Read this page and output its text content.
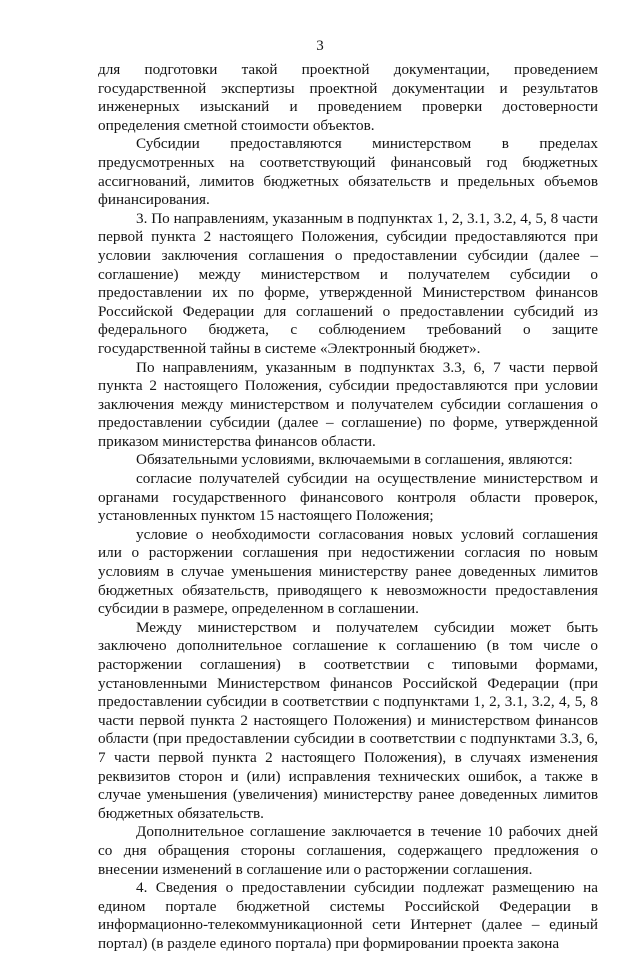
3

для подготовки такой проектной документации, проведением государственной экспертизы проектной документации и результатов инженерных изысканий и проведением проверки достоверности определения сметной стоимости объектов.

Субсидии предоставляются министерством в пределах предусмотренных на соответствующий финансовый год бюджетных ассигнований, лимитов бюджетных обязательств и предельных объемов финансирования.

3. По направлениям, указанным в подпунктах 1, 2, 3.1, 3.2, 4, 5, 8 части первой пункта 2 настоящего Положения, субсидии предоставляются при условии заключения соглашения о предоставлении субсидии (далее – соглашение) между министерством и получателем субсидии о предоставлении их по форме, утвержденной Министерством финансов Российской Федерации для соглашений о предоставлении субсидий из федерального бюджета, с соблюдением требований о защите государственной тайны в системе «Электронный бюджет».

По направлениям, указанным в подпунктах 3.3, 6, 7 части первой пункта 2 настоящего Положения, субсидии предоставляются при условии заключения между министерством и получателем субсидии соглашения о предоставлении субсидии (далее – соглашение) по форме, утвержденной приказом министерства финансов области.

Обязательными условиями, включаемыми в соглашения, являются:

согласие получателей субсидии на осуществление министерством и органами государственного финансового контроля области проверок, установленных пунктом 15 настоящего Положения;

условие о необходимости согласования новых условий соглашения или о расторжении соглашения при недостижении согласия по новым условиям в случае уменьшения министерству ранее доведенных лимитов бюджетных обязательств, приводящего к невозможности предоставления субсидии в размере, определенном в соглашении.

Между министерством и получателем субсидии может быть заключено дополнительное соглашение к соглашению (в том числе о расторжении соглашения) в соответствии с типовыми формами, установленными Министерством финансов Российской Федерации (при предоставлении субсидии в соответствии с подпунктами 1, 2, 3.1, 3.2, 4, 5, 8 части первой пункта 2 настоящего Положения) и министерством финансов области (при предоставлении субсидии в соответствии с подпунктами 3.3, 6, 7 части первой пункта 2 настоящего Положения), в случаях изменения реквизитов сторон и (или) исправления технических ошибок, а также в случае уменьшения (увеличения) министерству ранее доведенных лимитов бюджетных обязательств.

Дополнительное соглашение заключается в течение 10 рабочих дней со дня обращения стороны соглашения, содержащего предложения о внесении изменений в соглашение или о расторжении соглашения.

4. Сведения о предоставлении субсидии подлежат размещению на едином портале бюджетной системы Российской Федерации в информационно-телекоммуникационной сети Интернет (далее – единый портал) (в разделе единого портала) при формировании проекта закона
